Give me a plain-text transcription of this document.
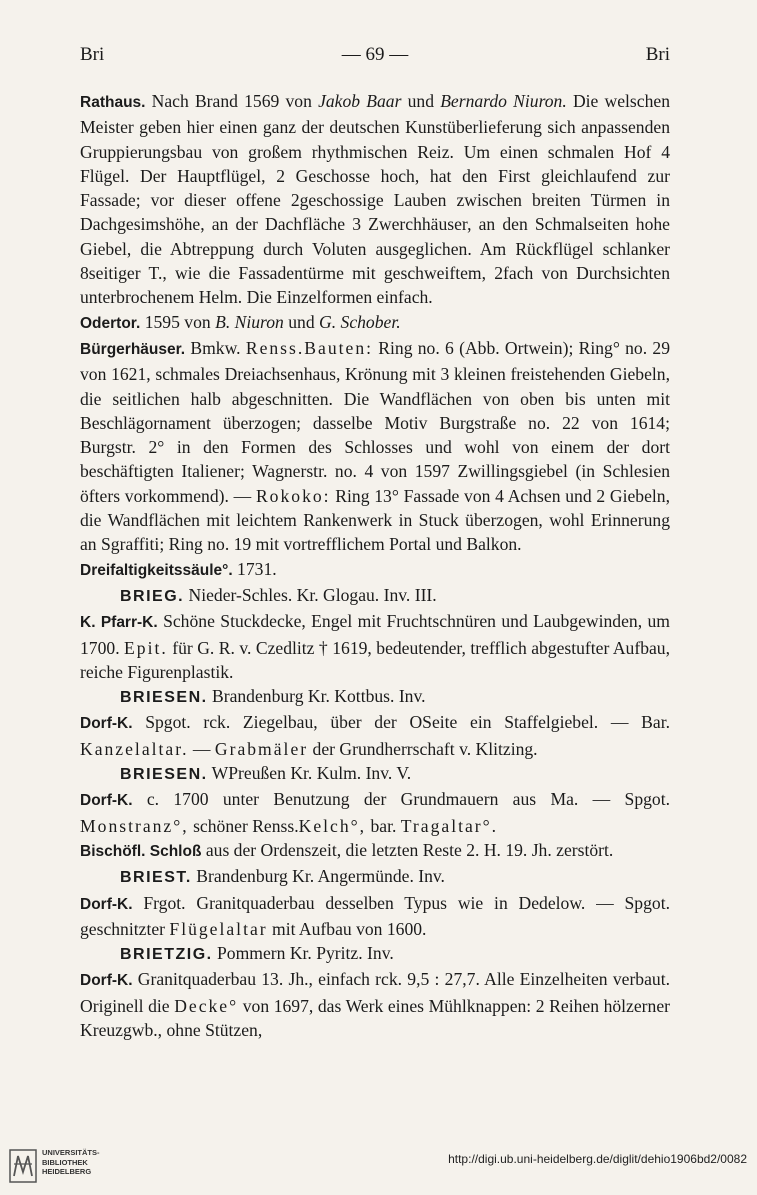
Bri	— 69 —	Bri

Rathaus. Nach Brand 1569 von Jakob Baar und Bernardo Niuron. Die welschen Meister geben hier einen ganz der deutschen Kunstüberlieferung sich anpassenden Gruppierungsbau von großem rhythmischen Reiz. Um einen schmalen Hof 4 Flügel. Der Hauptflügel, 2 Geschosse hoch, hat den First gleichlaufend zur Fassade; vor dieser offene 2geschossige Lauben zwischen breiten Türmen in Dachgesimshöhe, an der Dachfläche 3 Zwerchhäuser, an den Schmalseiten hohe Giebel, die Abtreppung durch Voluten ausgeglichen. Am Rückflügel schlanker 8seitiger T., wie die Fassadentürme mit geschweiftem, 2fach von Durchsichten unterbrochenem Helm. Die Einzelformen einfach.

Odertor. 1595 von B. Niuron und G. Schober.

Bürgerhäuser. Bmkw. Renss.Bauten: Ring no. 6 (Abb. Ortwein); Ring° no. 29 von 1621, schmales Dreiachsenhaus, Krönung mit 3 kleinen freistehenden Giebeln, die seitlichen halb abgeschnitten. Die Wandflächen von oben bis unten mit Beschlägornament überzogen; dasselbe Motiv Burgstraße no. 22 von 1614; Burgstr. 2° in den Formen des Schlosses und wohl von einem der dort beschäftigten Italiener; Wagnerstr. no. 4 von 1597 Zwillingsgiebel (in Schlesien öfters vorkommend). — Rokoko: Ring 13° Fassade von 4 Achsen und 2 Giebeln, die Wandflächen mit leichtem Rankenwerk in Stuck überzogen, wohl Erinnerung an Sgraffiti; Ring no. 19 mit vortrefflichem Portal und Balkon.

Dreifaltigkeitssäule°. 1731.

BRIEG. Nieder-Schles. Kr. Glogau. Inv. III.

K. Pfarr-K. Schöne Stuckdecke, Engel mit Fruchtschnüren und Laubgewinden, um 1700. Epit. für G. R. v. Czedlitz † 1619, bedeutender, trefflich abgestufter Aufbau, reiche Figurenplastik.

BRIESEN. Brandenburg Kr. Kottbus. Inv.

Dorf-K. Spgot. rck. Ziegelbau, über der OSeite ein Staffelgiebel. — Bar. Kanzelaltar. — Grabmäler der Grundherrschaft v. Klitzing.

BRIESEN. WPreußen Kr. Kulm. Inv. V.

Dorf-K. c. 1700 unter Benutzung der Grundmauern aus Ma. — Spgot. Monstranz°, schöner Renss.Kelch°, bar. Tragaltar°.

Bischöfl. Schloß aus der Ordenszeit, die letzten Reste 2. H. 19. Jh. zerstört.

BRIEST. Brandenburg Kr. Angermünde. Inv.

Dorf-K. Frgot. Granitquaderbau desselben Typus wie in Dedelow. — Spgot. geschnitzter Flügelaltar mit Aufbau von 1600.

BRIETZIG. Pommern Kr. Pyritz. Inv.

Dorf-K. Granitquaderbau 13. Jh., einfach rck. 9,5 : 27,7. Alle Einzelheiten verbaut. Originell die Decke° von 1697, das Werk eines Mühlknappen: 2 Reihen hölzerner Kreuzgwb., ohne Stützen,

UNIVERSITÄTS-
BIBLIOTHEK
HEIDELBERG
http://digi.ub.uni-heidelberg.de/diglit/dehio1906bd2/0082
